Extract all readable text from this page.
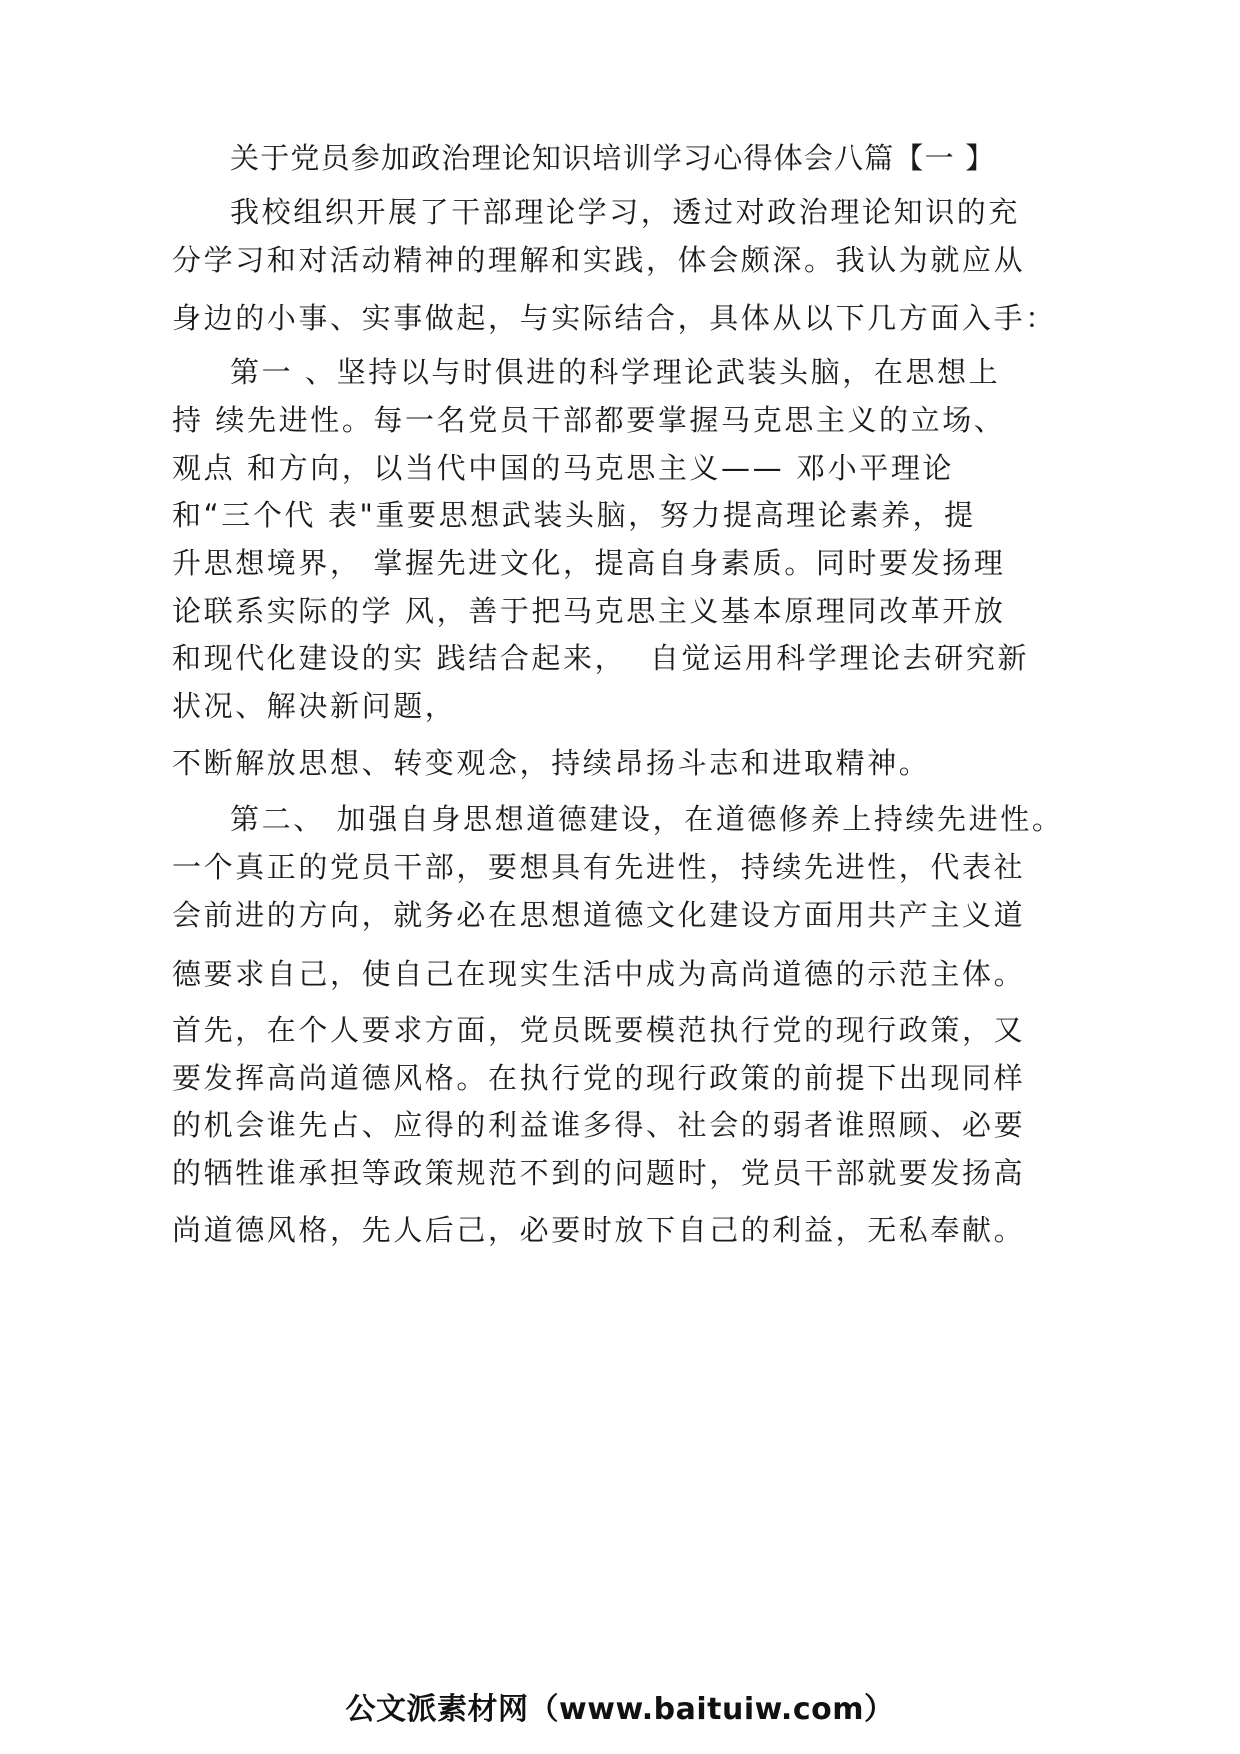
关于党员参加政治理论知识培训学习心得体会八篇【一 】
我校组织开展了干部理论学习，透过对政治理论知识的充
分学习和对活动精神的理解和实践，体会颇深。我认为就应从
身边的小事、实事做起，与实际结合，具体从以下几方面入手：
第一 、坚持以与时俱进的科学理论武装头脑，在思想上
持 续先进性。每一名党员干部都要掌握马克思主义的立场、
观点 和方向，以当代中国的马克思主义—— 邓小平理论
和“三个代 表"重要思想武装头脑，努力提高理论素养，提
升思想境界， 掌握先进文化，提高自身素质。同时要发扬理
论联系实际的学 风，善于把马克思主义基本原理同改革开放
和现代化建设的实 践结合起来，  自觉运用科学理论去研究新
状况、解决新问题，
不断解放思想、转变观念，持续昂扬斗志和进取精神。
第二、 加强自身思想道德建设，在道德修养上持续先进性。
一个真正的党员干部，要想具有先进性，持续先进性，代表社
会前进的方向，就务必在思想道德文化建设方面用共产主义道
德要求自己，使自己在现实生活中成为高尚道德的示范主体。
首先，在个人要求方面，党员既要模范执行党的现行政策，又
要发挥高尚道德风格。在执行党的现行政策的前提下出现同样
的机会谁先占、应得的利益谁多得、社会的弱者谁照顾、必要
的牺牲谁承担等政策规范不到的问题时，党员干部就要发扬高
尚道德风格，先人后己，必要时放下自己的利益，无私奉献。
公文派素材网（www.baituiw.com）
